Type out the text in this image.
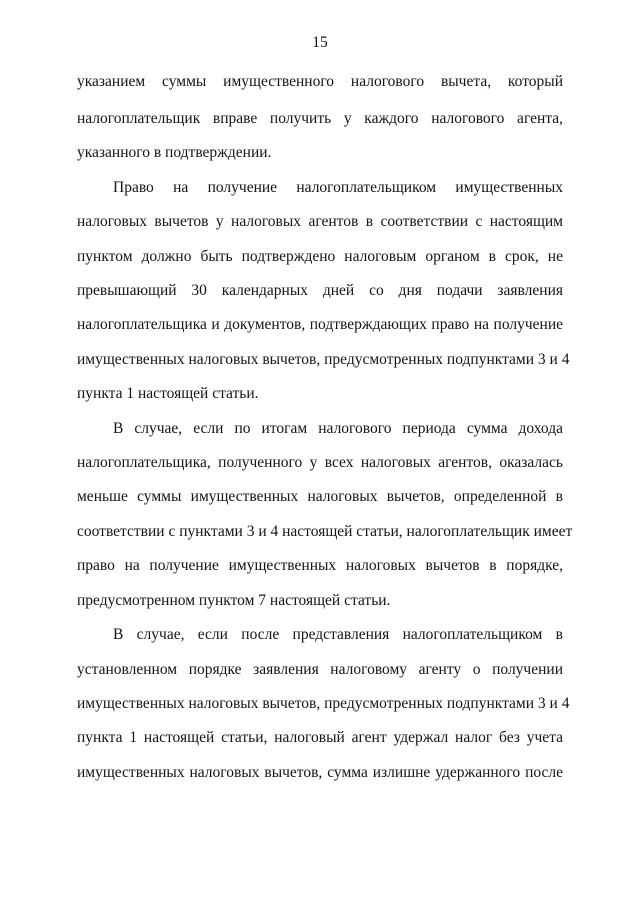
15
указанием суммы имущественного налогового вычета, который
налогоплательщик вправе получить у каждого налогового агента,
указанного в подтверждении.
Право на получение налогоплательщиком имущественных
налоговых вычетов у налоговых агентов в соответствии с настоящим
пунктом должно быть подтверждено налоговым органом в срок, не
превышающий 30 календарных дней со дня подачи заявления
налогоплательщика и документов, подтверждающих право на получение
имущественных налоговых вычетов, предусмотренных подпунктами 3 и 4
пункта 1 настоящей статьи.
В случае, если по итогам налогового периода сумма дохода
налогоплательщика, полученного у всех налоговых агентов, оказалась
меньше суммы имущественных налоговых вычетов, определенной в
соответствии с пунктами 3 и 4 настоящей статьи, налогоплательщик имеет
право на получение имущественных налоговых вычетов в порядке,
предусмотренном пунктом 7 настоящей статьи.
В случае, если после представления налогоплательщиком в
установленном порядке заявления налоговому агенту о получении
имущественных налоговых вычетов, предусмотренных подпунктами 3 и 4
пункта 1 настоящей статьи, налоговый агент удержал налог без учета
имущественных налоговых вычетов, сумма излишне удержанного после
